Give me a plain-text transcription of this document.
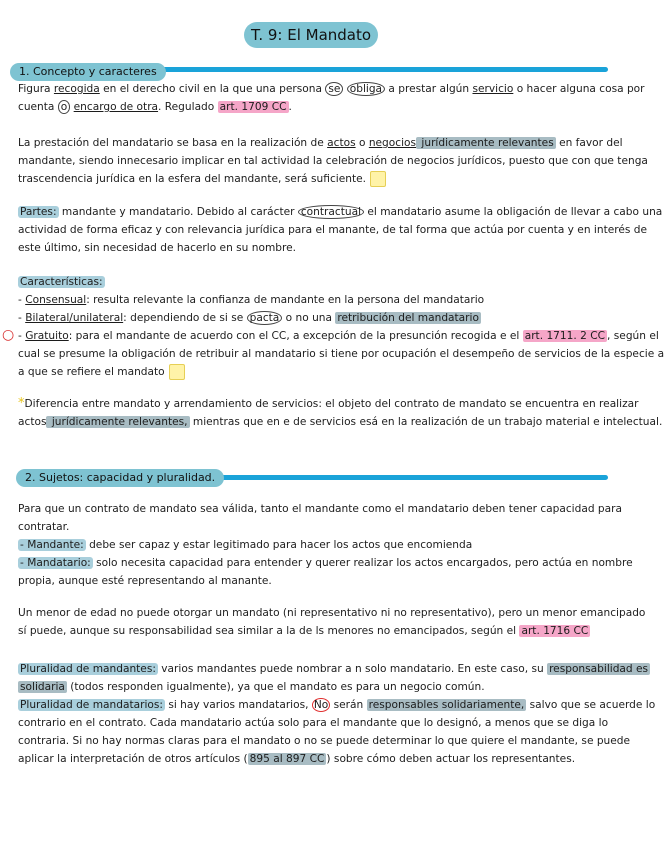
T. 9: El Mandato
1. Concepto y caracteres

Figura recogida en el derecho civil en la que una persona se obliga a prestar algún servicio o hacer alguna cosa por

cuenta o encargo de otra. Regulado art. 1709 CC .

La prestación del mandatario se basa en la realización de actos o negocios jurídicamente relevantes en favor del

mandante, siendo innecesario implicar en tal actividad la celebración de negocios jurídicos, puesto que con que tenga

trascendencia jurídica en la esfera del mandante, será suficiente.

Partes: mandante y mandatario. Debido al carácter contractual el mandatario asume la obligación de llevar a cabo una

actividad de forma eficaz y con relevancia jurídica para el manante, de tal forma que actúa por cuenta y en interés de

este último, sin necesidad de hacerlo en su nombre.

Características:

- Consensual: resulta relevante la confianza de mandante en la persona del mandatario

- Bilateral/unilateral: dependiendo de si se pacta o no una retribución del mandatario

○ - Gratuito: para el mandante de acuerdo con el CC, a excepción de la presunción recogida e el art. 1711. 2 CC , según el

cual se presume la obligación de retribuir al mandatario si tiene por ocupación el desempeño de servicios de la especie a

a que se refiere el mandato

*Diferencia entre mandato y arrendamiento de servicios: el objeto del contrato de mandato se encuentra en realizar

actos jurídicamente relevantes, mientras que en e de servicios esá en la realización de un trabajo material e intelectual.

2. Sujetos: capacidad y pluralidad.

Para que un contrato de mandato sea válida, tanto el mandante como el mandatario deben tener capacidad para

contratar.

- Mandante: debe ser capaz y estar legitimado para hacer los actos que encomienda

- Mandatario: solo necesita capacidad para entender y querer realizar los actos encargados, pero actúa en nombre

propia, aunque esté representando al manante.

Un menor de edad no puede otorgar un mandato (ni representativo ni no representativo), pero un menor emancipado

sí puede, aunque su responsabilidad sea similar a la de ls menores no emancipados, según el art. 1716 CC

Pluralidad de mandantes: varios mandantes puede nombrar a n solo mandatario. En este caso, su responsabilidad es

solidaria (todos responden igualmente), ya que el mandato es para un negocio común.

Pluralidad de mandatarios: si hay varios mandatarios, No serán responsables solidariamente, salvo que se acuerde lo

contrario en el contrato. Cada mandatario actúa solo para el mandante que lo designó, a menos que se diga lo

contraria. Si no hay normas claras para el mandato o no se puede determinar lo que quiere el mandante, se puede

aplicar la interpretación de otros artículos ( 895 al 897 CC ) sobre cómo deben actuar los representantes.
